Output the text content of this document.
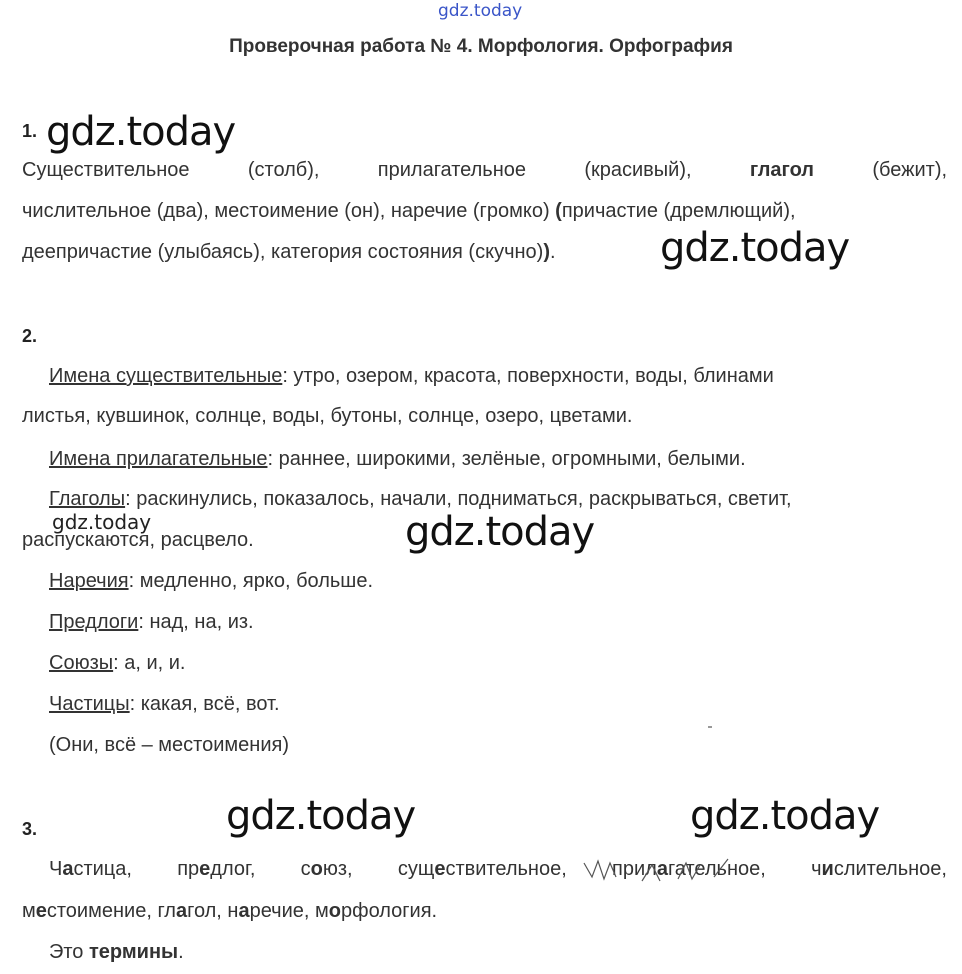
gdz.today
Проверочная работа № 4. Морфология. Орфография
1. gdz.today
Существительное	(столб),	прилагательное	(красивый),	глагол	(бежит),
числительное (два), местоимение (он), наречие (громко) (причастие (дремлющий),
деепричастие (улыбаясь), категория состояния (скучно)).	gdz.today
2.
Имена существительные: утро, озером, красота, поверхности, воды, блинами
листья, кувшинок, солнце, воды, бутоны, солнце, озеро, цветами.
Имена прилагательные: раннее, широкими, зелёные, огромными, белыми.
Глаголы: раскинулись, показалось, начали, подниматься, раскрываться, светит,
gdz.today
распускаются, расцвело.	gdz.today
Наречия: медленно, ярко, больше.
Предлоги: над, на, из.
Союзы: а, и, и.
Частицы: какая, всё, вот.
(Они, всё – местоимения)
gdz.today	gdz.today
3.
Частица, предлог, союз, существительное, прилагательное, числительное,
местоимение, глагол, наречие, морфология.
Это термины.
